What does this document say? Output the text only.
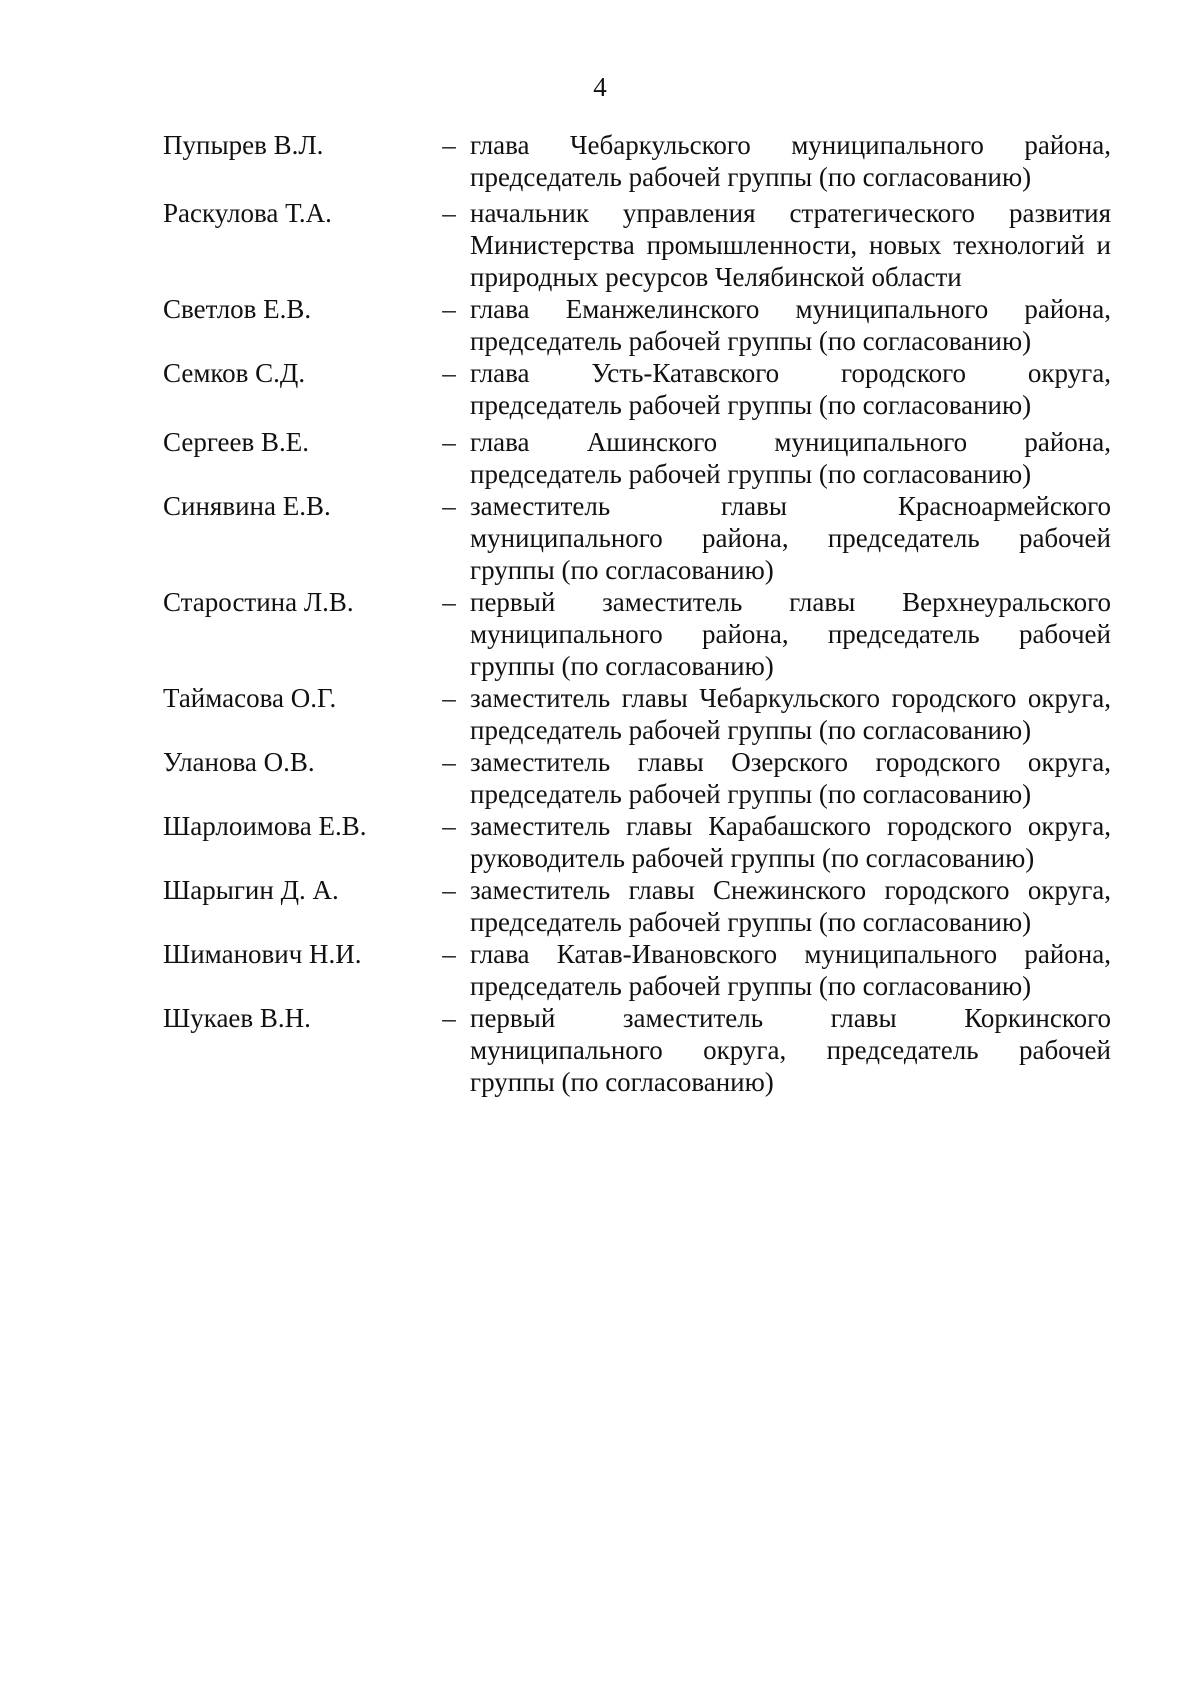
4
Пупырев В.Л.	– глава Чебаркульского муниципального района,
председатель рабочей группы (по согласованию)
Раскулова Т.А.	– начальник управления стратегического развития
Министерства промышленности, новых технологий и
природных ресурсов Челябинской области
Светлов Е.В.	– глава Еманжелинского муниципального района,
председатель рабочей группы (по согласованию)
Семков С.Д.	– глава Усть-Катавского городского округа,
председатель рабочей группы (по согласованию)
Сергеев В.Е.	– глава Ашинского муниципального района,
председатель рабочей группы (по согласованию)
Синявина Е.В.	– заместитель главы Красноармейского
муниципального района, председатель рабочей
группы (по согласованию)
Старостина Л.В.	– первый заместитель главы Верхнеуральского
муниципального района, председатель рабочей
группы (по согласованию)
Таймасова О.Г.	– заместитель главы Чебаркульского городского округа,
председатель рабочей группы (по согласованию)
Уланова О.В.	– заместитель главы Озерского городского округа,
председатель рабочей группы (по согласованию)
Шарлоимова Е.В.	– заместитель главы Карабашского городского округа,
руководитель рабочей группы (по согласованию)
Шарыгин Д. А.	– заместитель главы Снежинского городского округа,
председатель рабочей группы (по согласованию)
Шиманович Н.И.	– глава Катав-Ивановского муниципального района,
председатель рабочей группы (по согласованию)
Шукаев В.Н.	– первый заместитель главы Коркинского
муниципального округа, председатель рабочей
группы (по согласованию)
